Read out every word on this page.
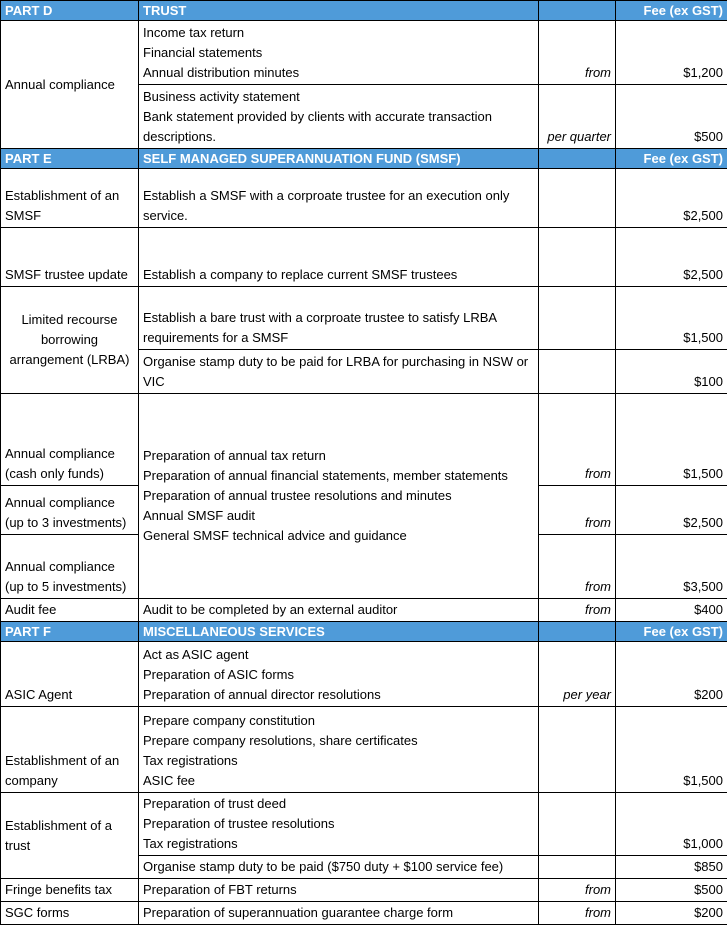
PART D	TRUST		Fee (ex GST)
Annual compliance	Income tax return
Financial statements
Annual distribution minutes	from	$1,200

	Business activity statement
Bank statement provided by clients with accurate transaction descriptions.	per quarter	$500
PART E	SELF MANAGED SUPERANNUATION FUND (SMSF)		Fee (ex GST)
Establishment of an SMSF	Establish a SMSF with a corproate trustee for an execution only service.		$2,500
SMSF trustee update	Establish a company to replace current SMSF trustees		$2,500
Limited recourse borrowing arrangement (LRBA)	Establish a bare trust with a corproate trustee to satisfy LRBA requirements for a SMSF		$1,500
	Organise stamp duty to be paid for LRBA for purchasing in NSW or VIC		$100
Annual compliance (cash only funds)	Preparation of annual tax return
Preparation of annual financial statements, member statements
Preparation of annual trustee resolutions and minutes
Annual SMSF audit
General SMSF technical advice and guidance	from	$1,500
Annual compliance (up to 3 investments)		from	$2,500
Annual compliance (up to 5 investments)		from	$3,500
Audit fee	Audit to be completed by an external auditor	from	$400
PART F	MISCELLANEOUS SERVICES		Fee (ex GST)
ASIC Agent	Act as ASIC agent
Preparation of ASIC forms
Preparation of annual director resolutions	per year	$200
Establishment of an company	Prepare company constitution
Prepare company resolutions, share certificates
Tax registrations
ASIC fee		$1,500
Establishment of a trust	Preparation of trust deed
Preparation of trustee resolutions
Tax registrations		$1,000
	Organise stamp duty to be paid ($750 duty + $100 service fee)		$850
Fringe benefits tax	Preparation of FBT returns	from	$500
SGC forms	Preparation of superannuation guarantee charge form	from	$200
